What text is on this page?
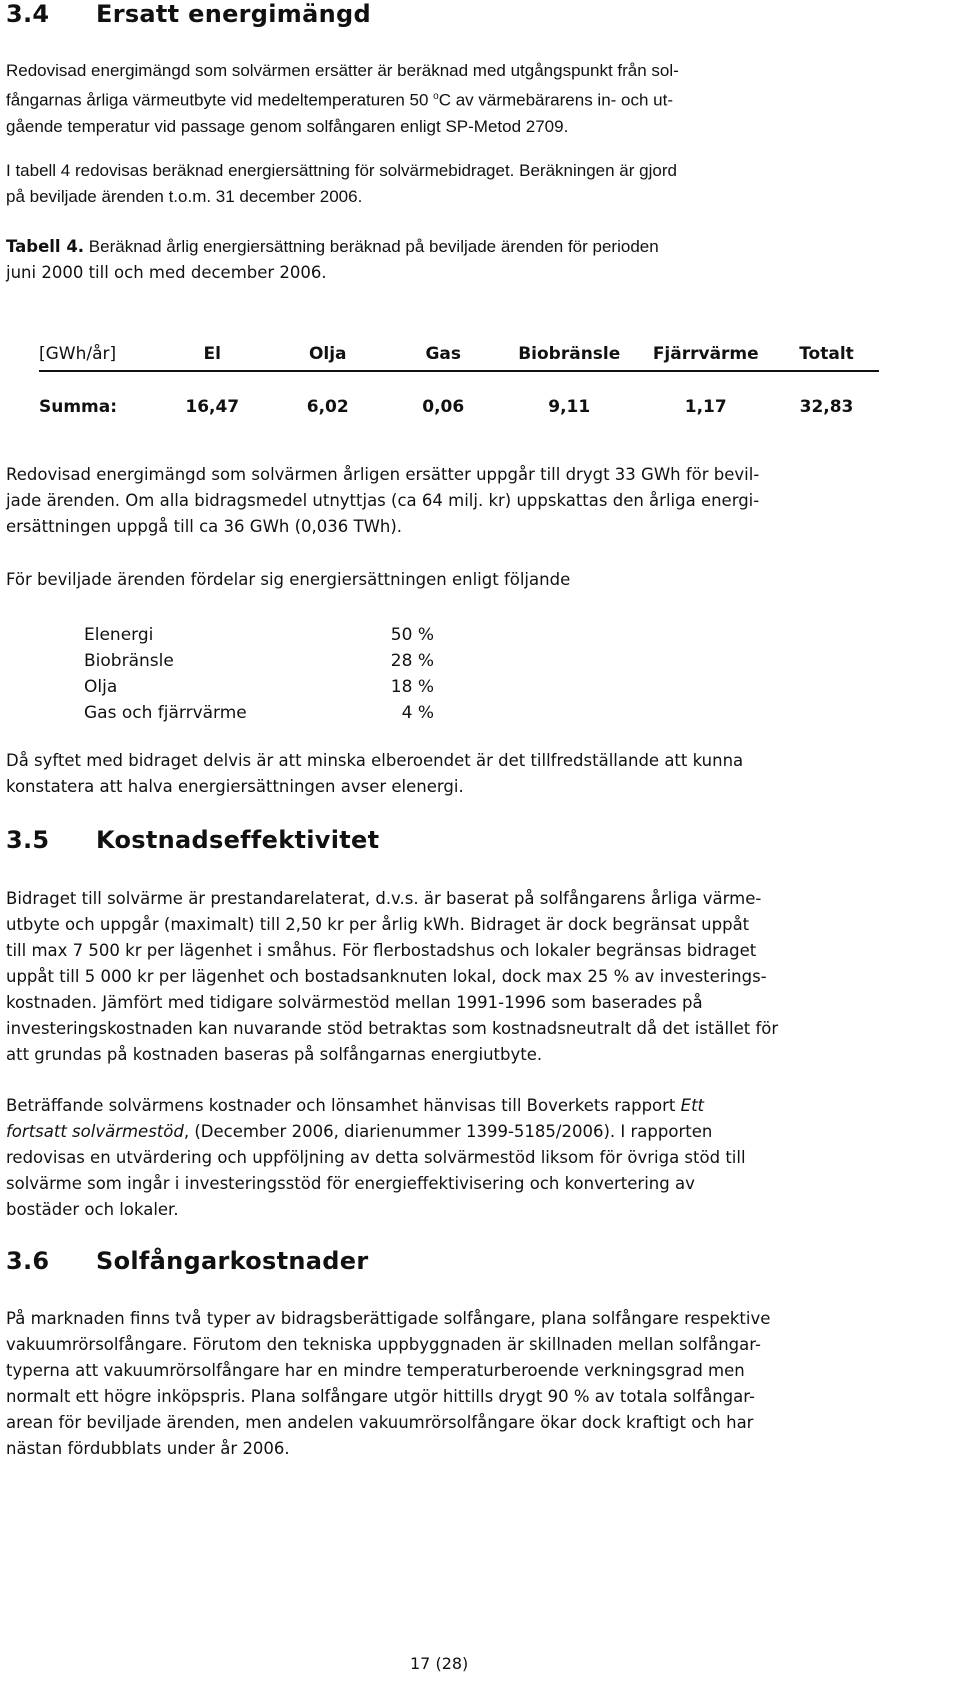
3.4 Ersatt energimängd
Redovisad energimängd som solvärmen ersätter är beräknad med utgångspunkt från sol-
fångarnas årliga värmeutbyte vid medeltemperaturen 50 $^o$C av värmebärarens in- och ut-
gående temperatur vid passage genom solfångaren enligt SP-Metod 2709.
I tabell 4 redovisas beräknad energiersättning för solvärmebidraget. Beräkningen är gjord
på beviljade ärenden t.o.m. 31 december 2006.
Tabell 4. Beräknad årlig energiersättning beräknad på beviljade ärenden för perioden
juni 2000 till och med december 2006.
[GWh/år]	El	Olja	Gas	Biobränsle	Fjärrvärme	Totalt
Summa:	16,47	6,02	0,06	9,11	1,17	32,83
Redovisad energimängd som solvärmen årligen ersätter uppgår till drygt 33 GWh för bevil-
jade ärenden. Om alla bidragsmedel utnyttjas (ca 64 milj. kr) uppskattas den årliga energi-
ersättningen uppgå till ca 36 GWh (0,036 TWh).
För beviljade ärenden fördelar sig energiersättningen enligt följande
Elenergi	50 %
Biobränsle	28 %
Olja	18 %
Gas och fjärrvärme	4 %
Då syftet med bidraget delvis är att minska elberoendet är det tillfredställande att kunna
konstatera att halva energiersättningen avser elenergi.
3.5 Kostnadseffektivitet
Bidraget till solvärme är prestandarelaterat, d.v.s. är baserat på solfångarens årliga värme-
utbyte och uppgår (maximalt) till 2,50 kr per årlig kWh. Bidraget är dock begränsat uppåt
till max 7 500 kr per lägenhet i småhus. För flerbostadshus och lokaler begränsas bidraget
uppåt till 5 000 kr per lägenhet och bostadsanknuten lokal, dock max 25 % av investerings-
kostnaden. Jämfört med tidigare solvärmestöd mellan 1991-1996 som baserades på
investeringskostnaden kan nuvarande stöd betraktas som kostnadsneutralt då det istället för
att grundas på kostnaden baseras på solfångarnas energiutbyte.
Beträffande solvärmens kostnader och lönsamhet hänvisas till Boverkets rapport Ett
fortsatt solvärmestöd, (December 2006, diarienummer 1399-5185/2006). I rapporten
redovisas en utvärdering och uppföljning av detta solvärmestöd liksom för övriga stöd till
solvärme som ingår i investeringsstöd för energieffektivisering och konvertering av
bostäder och lokaler.
3.6 Solfångarkostnader
På marknaden finns två typer av bidragsberättigade solfångare, plana solfångare respektive
vakuumrörsolfångare. Förutom den tekniska uppbyggnaden är skillnaden mellan solfångar-
typerna att vakuumrörsolfångare har en mindre temperaturberoende verkningsgrad men
normalt ett högre inköpspris. Plana solfångare utgör hittills drygt 90 % av totala solfångar-
arean för beviljade ärenden, men andelen vakuumrörsolfångare ökar dock kraftigt och har
nästan fördubblats under år 2006.
17 (28)
